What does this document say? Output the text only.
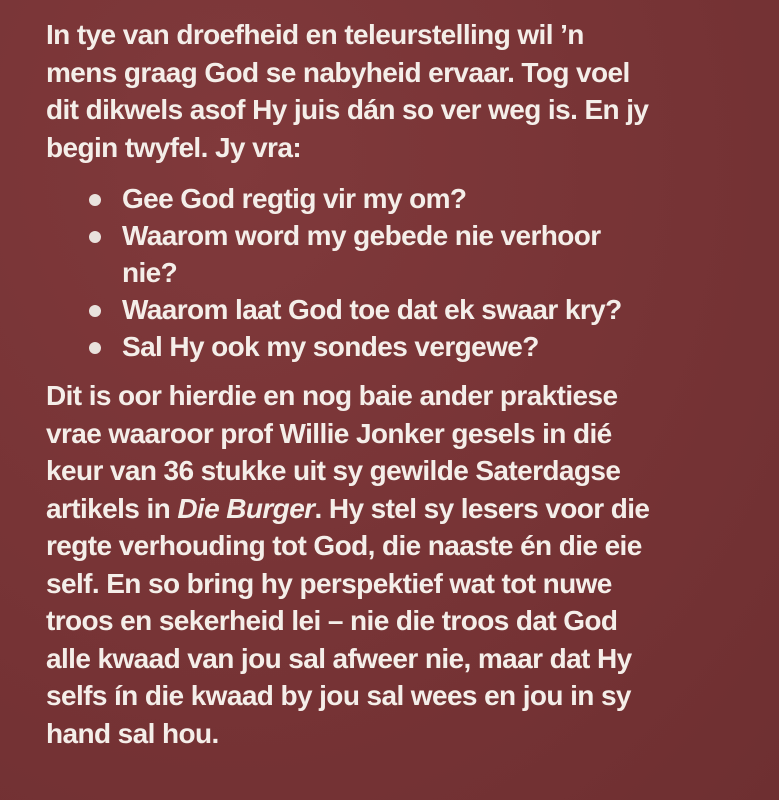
In tye van droefheid en teleurstelling wil ’n
mens graag God se nabyheid ervaar. Tog voel
dit dikwels asof Hy juis dán so ver weg is. En jy
begin twyfel. Jy vra:

Gee God regtig vir my om?
Waarom word my gebede nie verhoor
nie?
Waarom laat God toe dat ek swaar kry?
Sal Hy ook my sondes vergewe?

Dit is oor hierdie en nog baie ander praktiese
vrae waaroor prof Willie Jonker gesels in dié
keur van 36 stukke uit sy gewilde Saterdagse
artikels in Die Burger. Hy stel sy lesers voor die
regte verhouding tot God, die naaste én die eie
self. En so bring hy perspektief wat tot nuwe
troos en sekerheid lei – nie die troos dat God
alle kwaad van jou sal afweer nie, maar dat Hy
selfs ín die kwaad by jou sal wees en jou in sy
hand sal hou.
